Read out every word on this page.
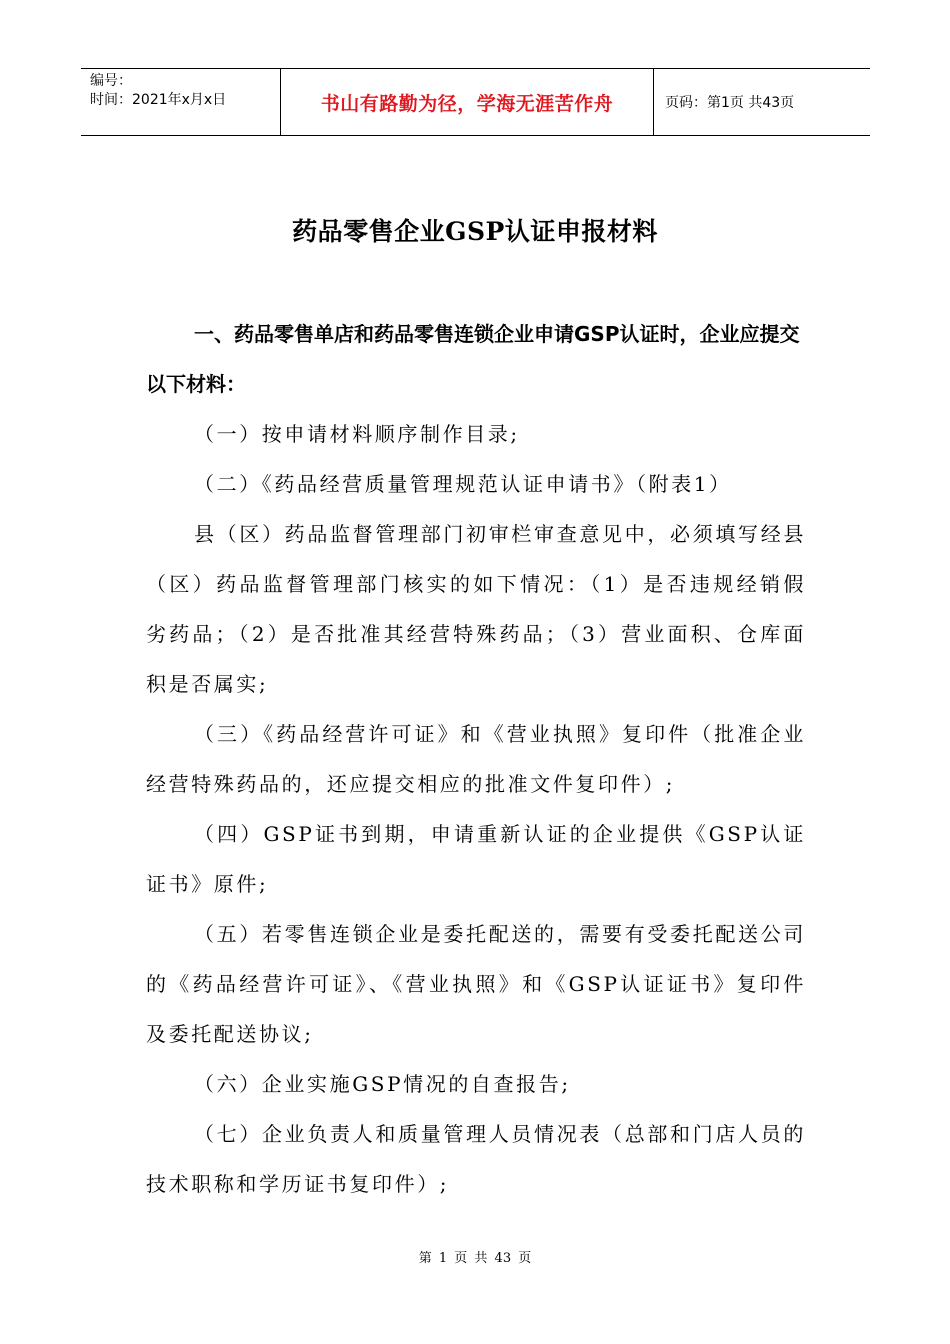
编号：
时间：2021年x月x日	书山有路勤为径，学海无涯苦作舟	页码：第1页 共43页
药品零售企业GSP认证申报材料

一、药品零售单店和药品零售连锁企业申请GSP认证时，企业应提交以下材料：

（一）按申请材料顺序制作目录;

（二）《药品经营质量管理规范认证申请书》（附表1）

县（区）药品监督管理部门初审栏审查意见中，必须填写经县（区）药品监督管理部门核实的如下情况：（1）是否违规经销假劣药品；（2）是否批准其经营特殊药品；（3）营业面积、仓库面积是否属实;

（三）《药品经营许可证》和《营业执照》复印件（批准企业经营特殊药品的，还应提交相应的批准文件复印件）;

（四）GSP证书到期，申请重新认证的企业提供《GSP认证证书》原件;

（五）若零售连锁企业是委托配送的，需要有受委托配送公司的《药品经营许可证》、《营业执照》和《GSP认证证书》复印件及委托配送协议;

（六）企业实施GSP情况的自查报告;

（七）企业负责人和质量管理人员情况表（总部和门店人员的技术职称和学历证书复印件）;

第 1 页 共 43 页
